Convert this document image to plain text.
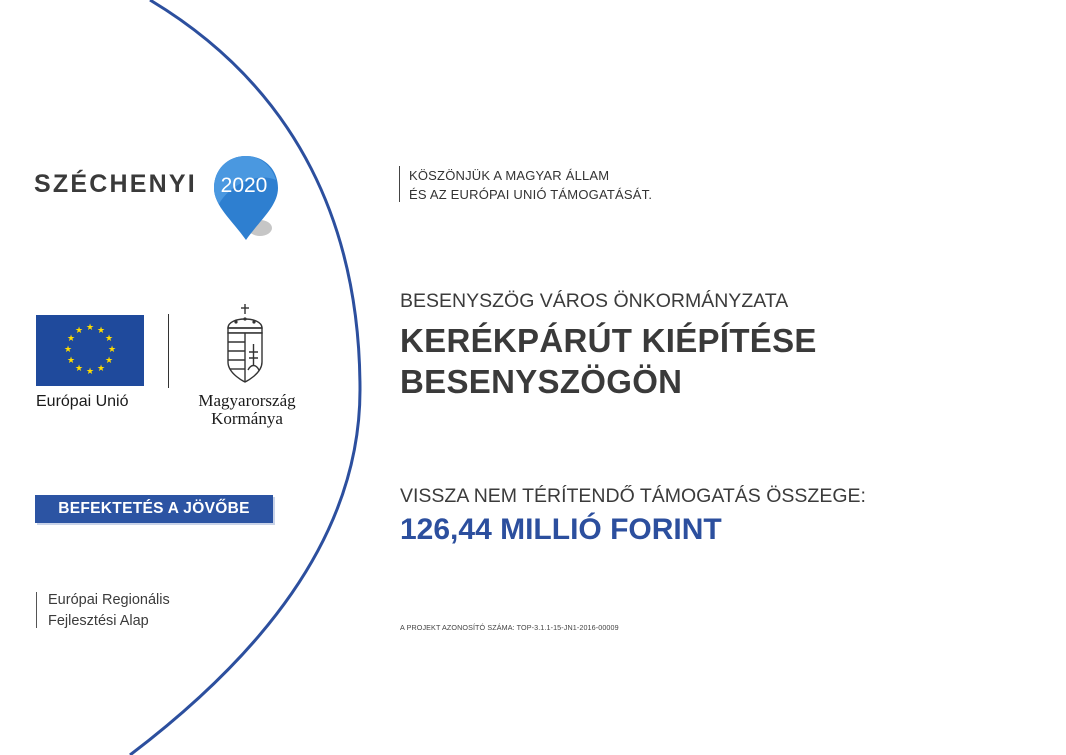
SZÉCHENYI	2020
★ ★
★
★
★
★
★
★
★
★
★
★
Európai Unió	Magyarország
Kormánya
BEFEKTETÉS A JÖVŐBE
Európai Regionális
Fejlesztési Alap
KÖSZÖNJÜK A MAGYAR ÁLLAM
ÉS AZ EURÓPAI UNIÓ TÁMOGATÁSÁT.
BESENYSZÖG VÁROS ÖNKORMÁNYZATA
KERÉKPÁRÚT KIÉPÍTÉSE
BESENYSZÖGÖN
VISSZA NEM TÉRÍTENDŐ TÁMOGATÁS ÖSSZEGE:
126,44 MILLIÓ FORINT
A PROJEKT AZONOSÍTÓ SZÁMA: TOP-3.1.1-15-JN1-2016-00009
